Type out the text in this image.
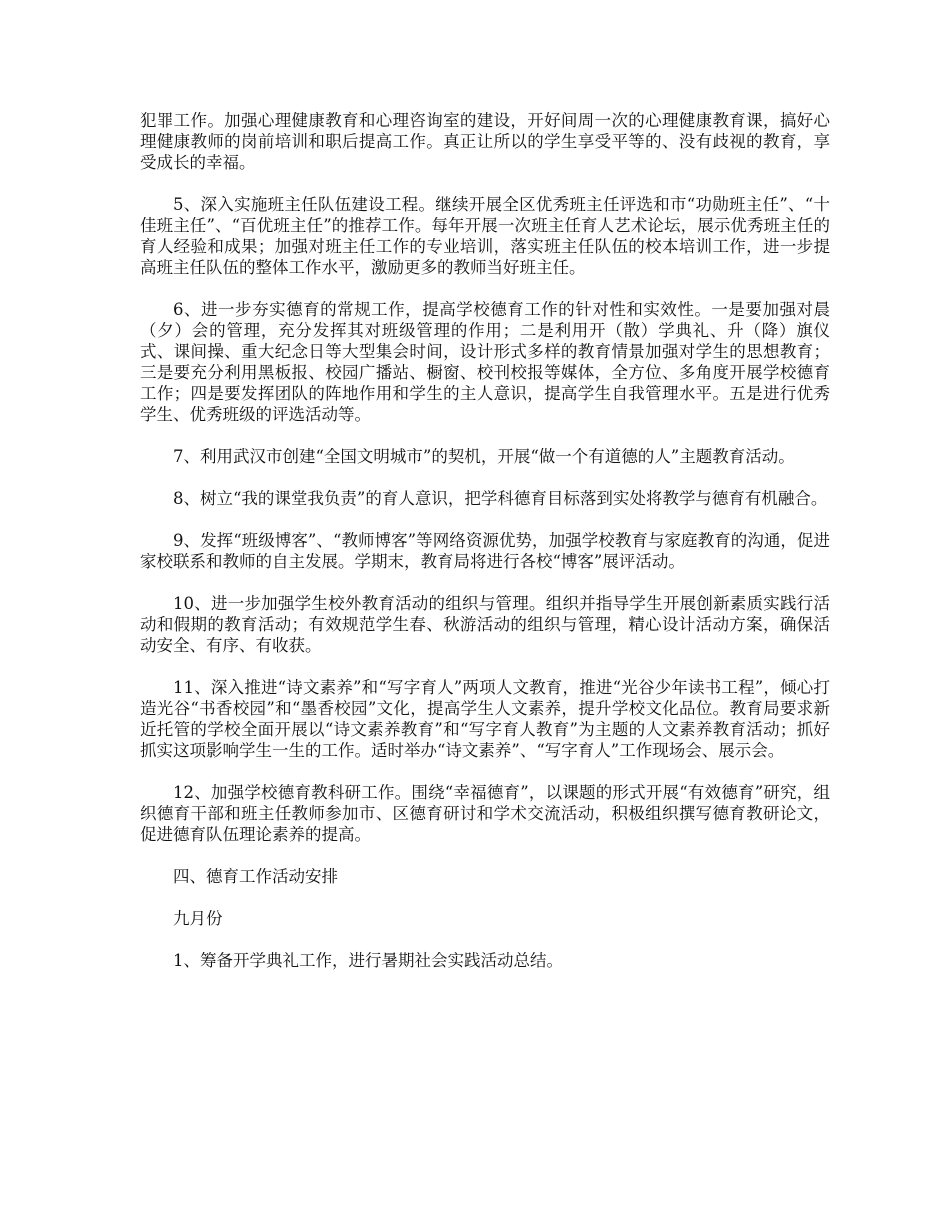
犯罪工作。加强心理健康教育和心理咨询室的建设，开好间周一次的心理健康教育课，搞好心理健康教师的岗前培训和职后提高工作。真正让所以的学生享受平等的、没有歧视的教育，享受成长的幸福。

5、深入实施班主任队伍建设工程。继续开展全区优秀班主任评选和市“功勋班主任”、“十佳班主任”、“百优班主任”的推荐工作。每年开展一次班主任育人艺术论坛，展示优秀班主任的育人经验和成果；加强对班主任工作的专业培训，落实班主任队伍的校本培训工作，进一步提高班主任队伍的整体工作水平，激励更多的教师当好班主任。

6、进一步夯实德育的常规工作，提高学校德育工作的针对性和实效性。一是要加强对晨（夕）会的管理，充分发挥其对班级管理的作用；二是利用开（散）学典礼、升（降）旗仪式、课间操、重大纪念日等大型集会时间，设计形式多样的教育情景加强对学生的思想教育；三是要充分利用黑板报、校园广播站、橱窗、校刊校报等媒体，全方位、多角度开展学校德育工作；四是要发挥团队的阵地作用和学生的主人意识，提高学生自我管理水平。五是进行优秀学生、优秀班级的评选活动等。

7、利用武汉市创建“全国文明城市”的契机，开展“做一个有道德的人”主题教育活动。

8、树立“我的课堂我负责”的育人意识，把学科德育目标落到实处将教学与德育有机融合。

9、发挥“班级博客”、“教师博客”等网络资源优势，加强学校教育与家庭教育的沟通，促进家校联系和教师的自主发展。学期末，教育局将进行各校“博客”展评活动。

10、进一步加强学生校外教育活动的组织与管理。组织并指导学生开展创新素质实践行活动和假期的教育活动；有效规范学生春、秋游活动的组织与管理，精心设计活动方案，确保活动安全、有序、有收获。

11、深入推进“诗文素养”和“写字育人”两项人文教育，推进“光谷少年读书工程”，倾心打造光谷“书香校园”和“墨香校园”文化，提高学生人文素养，提升学校文化品位。教育局要求新近托管的学校全面开展以“诗文素养教育”和“写字育人教育”为主题的人文素养教育活动；抓好抓实这项影响学生一生的工作。适时举办“诗文素养”、“写字育人”工作现场会、展示会。

12、加强学校德育教科研工作。围绕“幸福德育”，以课题的形式开展“有效德育”研究，组织德育干部和班主任教师参加市、区德育研讨和学术交流活动，积极组织撰写德育教研论文，促进德育队伍理论素养的提高。

四、德育工作活动安排

九月份

1、筹备开学典礼工作，进行暑期社会实践活动总结。
